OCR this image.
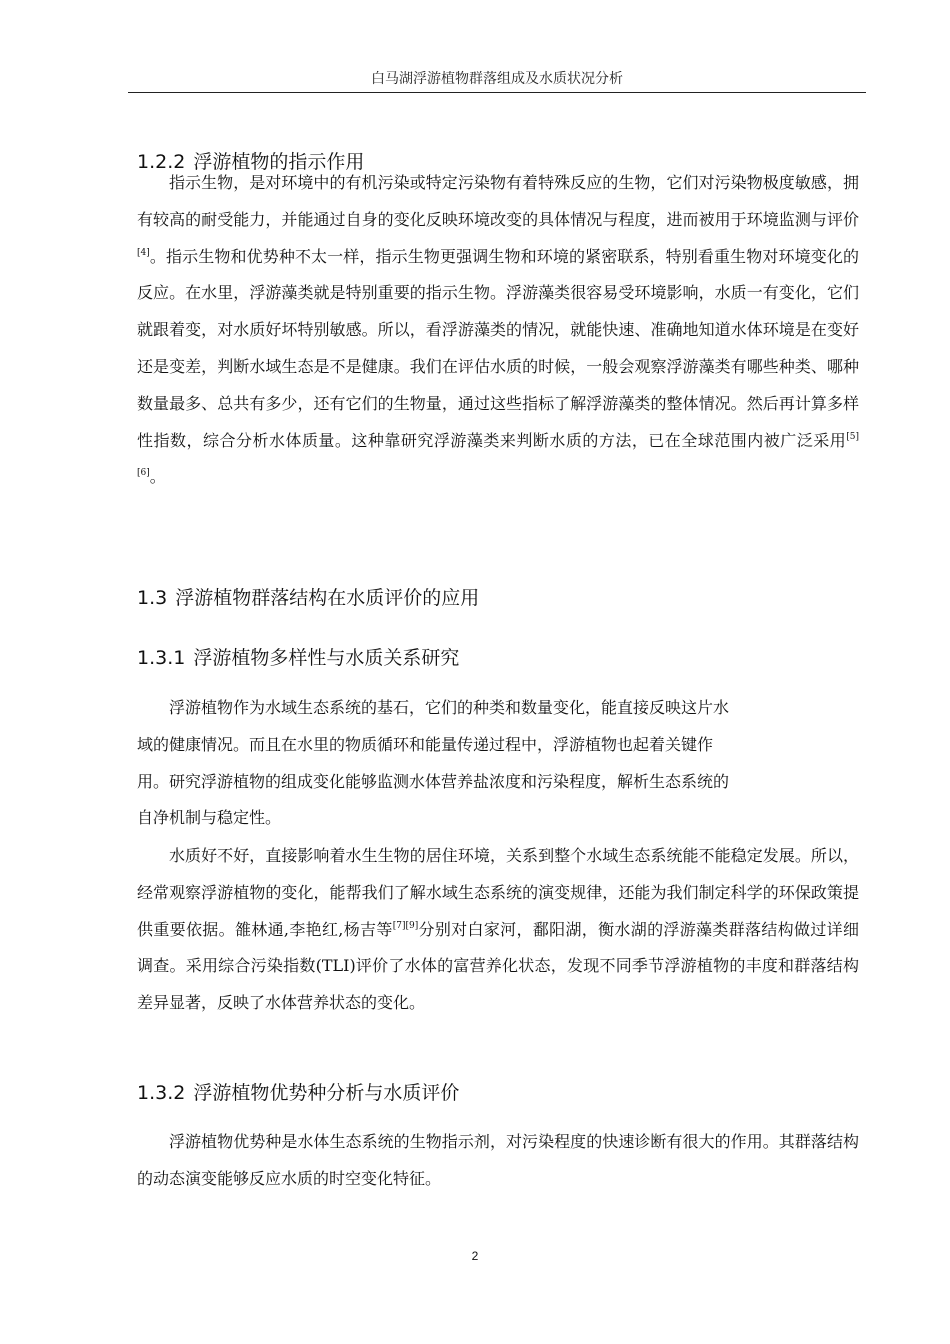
白马湖浮游植物群落组成及水质状况分析
1.2.2 浮游植物的指示作用

指示生物，是对环境中的有机污染或特定污染物有着特殊反应的生物，它们对污染物极度敏感，拥有较高的耐受能力，并能通过自身的变化反映环境改变的具体情况与程度，进而被用于环境监测与评价[4]。指示生物和优势种不太一样，指示生物更强调生物和环境的紧密联系，特别看重生物对环境变化的反应。在水里，浮游藻类就是特别重要的指示生物。浮游藻类很容易受环境影响，水质一有变化，它们就跟着变，对水质好坏特别敏感。所以，看浮游藻类的情况，就能快速、准确地知道水体环境是在变好还是变差，判断水域生态是不是健康。我们在评估水质的时候，一般会观察浮游藻类有哪些种类、哪种数量最多、总共有多少，还有它们的生物量，通过这些指标了解浮游藻类的整体情况。然后再计算多样性指数，综合分析水体质量。这种靠研究浮游藻类来判断水质的方法，已在全球范围内被广泛采用[5][6]。

1.3 浮游植物群落结构在水质评价的应用
1.3.1 浮游植物多样性与水质关系研究
浮游植物作为水域生态系统的基石，它们的种类和数量变化，能直接反映这片水
域的健康情况。而且在水里的物质循环和能量传递过程中，浮游植物也起着关键作
用。研究浮游植物的组成变化能够监测水体营养盐浓度和污染程度，解析生态系统的
自净机制与稳定性。

水质好不好，直接影响着水生生物的居住环境，关系到整个水域生态系统能不能稳定发展。所以，经常观察浮游植物的变化，能帮我们了解水域生态系统的演变规律，还能为我们制定科学的环保政策提供重要依据。雒林通,李艳红,杨吉等[7][9]分别对白家河，鄱阳湖，衡水湖的浮游藻类群落结构做过详细调查。采用综合污染指数(TLI)评价了水体的富营养化状态，发现不同季节浮游植物的丰度和群落结构差异显著，反映了水体营养状态的变化。

1.3.2 浮游植物优势种分析与水质评价

浮游植物优势种是水体生态系统的生物指示剂，对污染程度的快速诊断有很大的作用。其群落结构的动态演变能够反应水质的时空变化特征。

2
